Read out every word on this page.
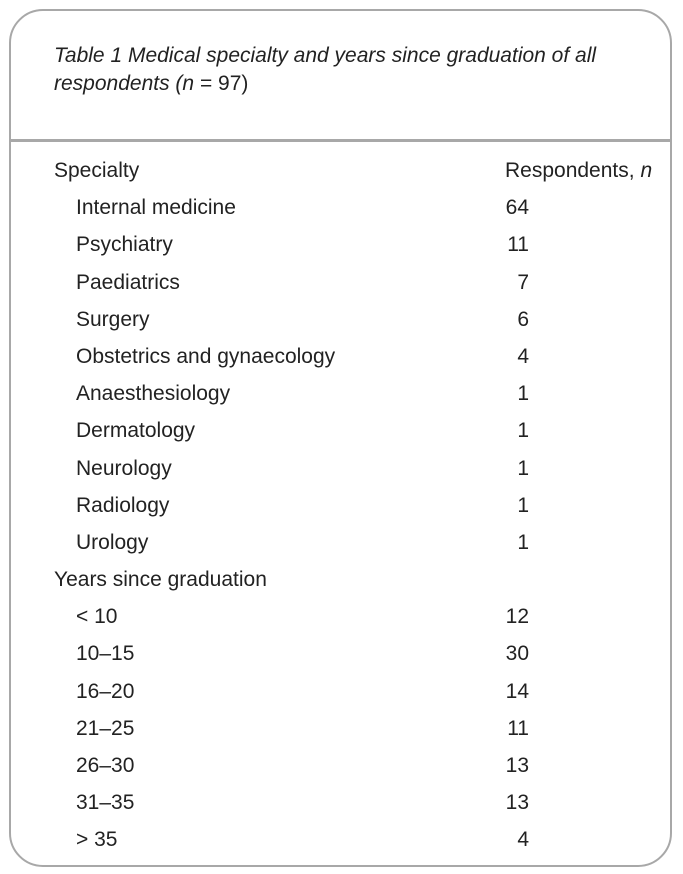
Table 1 Medical specialty and years since graduation of all respondents (n = 97)
Specialty	Respondents, n
Internal medicine	64
Psychiatry	11
Paediatrics	7
Surgery	6
Obstetrics and gynaecology	4
Anaesthesiology	1
Dermatology	1
Neurology	1
Radiology	1
Urology	1
Years since graduation
< 10	12
10–15	30
16–20	14
21–25	11
26–30	13
31–35	13
> 35	4
